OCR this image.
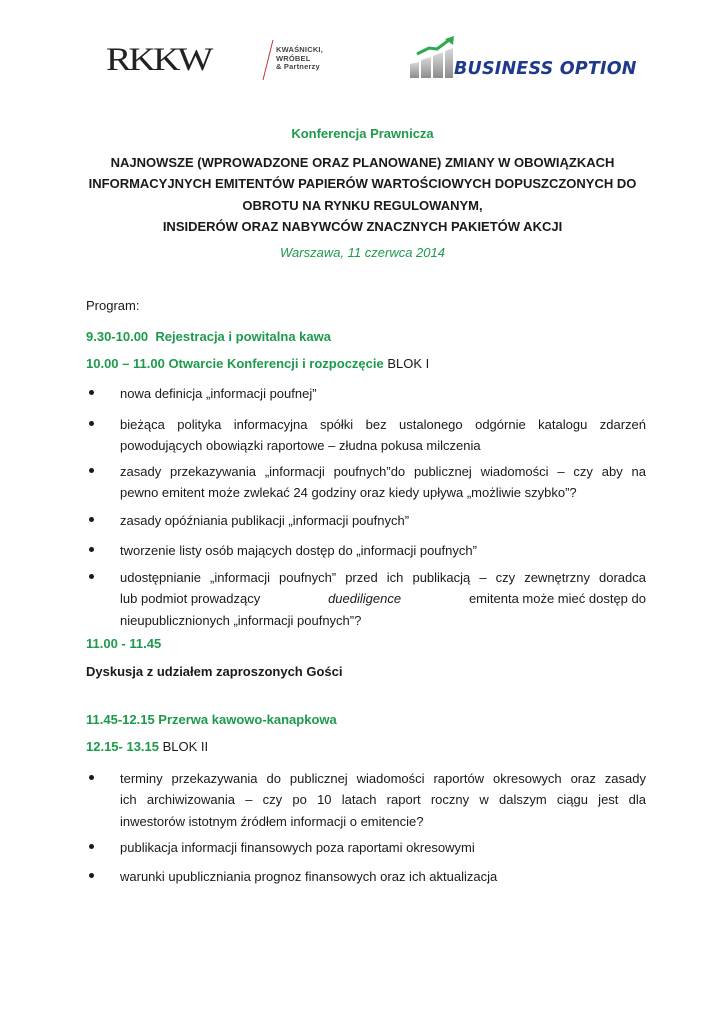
RKKW	KWAŚNICKI,
WRÓBEL
& Partnerzy	BUSINESS OPTION
Konferencja Prawnicza
NAJNOWSZE (WPROWADZONE ORAZ PLANOWANE) ZMIANY W OBOWIĄZKACH
INFORMACYJNYCH EMITENTÓW PAPIERÓW WARTOŚCIOWYCH DOPUSZCZONYCH DO
OBROTU NA RYNKU REGULOWANYM,
INSIDERÓW ORAZ NABYWCÓW ZNACZNYCH PAKIETÓW AKCJI
Warszawa, 11 czerwca 2014
Program:
9.30-10.00 Rejestracja i powitalna kawa
10.00 – 11.00 Otwarcie Konferencji i rozpoczęcie BLOK I
nowa definicja „informacji poufnej”
bieżąca polityka informacyjna spółki bez ustalonego odgórnie katalogu zdarzeń
powodujących obowiązki raportowe – złudna pokusa milczenia
zasady przekazywania „informacji poufnych”do publicznej wiadomości – czy aby na
pewno emitent może zwlekać 24 godziny oraz kiedy upływa „możliwie szybko”?
zasady opóźniania publikacji „informacji poufnych”
tworzenie listy osób mających dostęp do „informacji poufnych”
udostępnianie „informacji poufnych” przed ich publikacją – czy zewnętrzny doradca
lub podmiot prowadzący	duediligence	emitenta może mieć dostęp do
nieupublicznionych „informacji poufnych”?
11.00 - 11.45
Dyskusja z udziałem zaproszonych Gości
11.45-12.15 Przerwa kawowo-kanapkowa
12.15- 13.15 BLOK II
terminy przekazywania do publicznej wiadomości raportów okresowych oraz zasady
ich archiwizowania – czy po 10 latach raport roczny w dalszym ciągu jest dla
inwestorów istotnym źródłem informacji o emitencie?
publikacja informacji finansowych poza raportami okresowymi
warunki upubliczniania prognoz finansowych oraz ich aktualizacja
